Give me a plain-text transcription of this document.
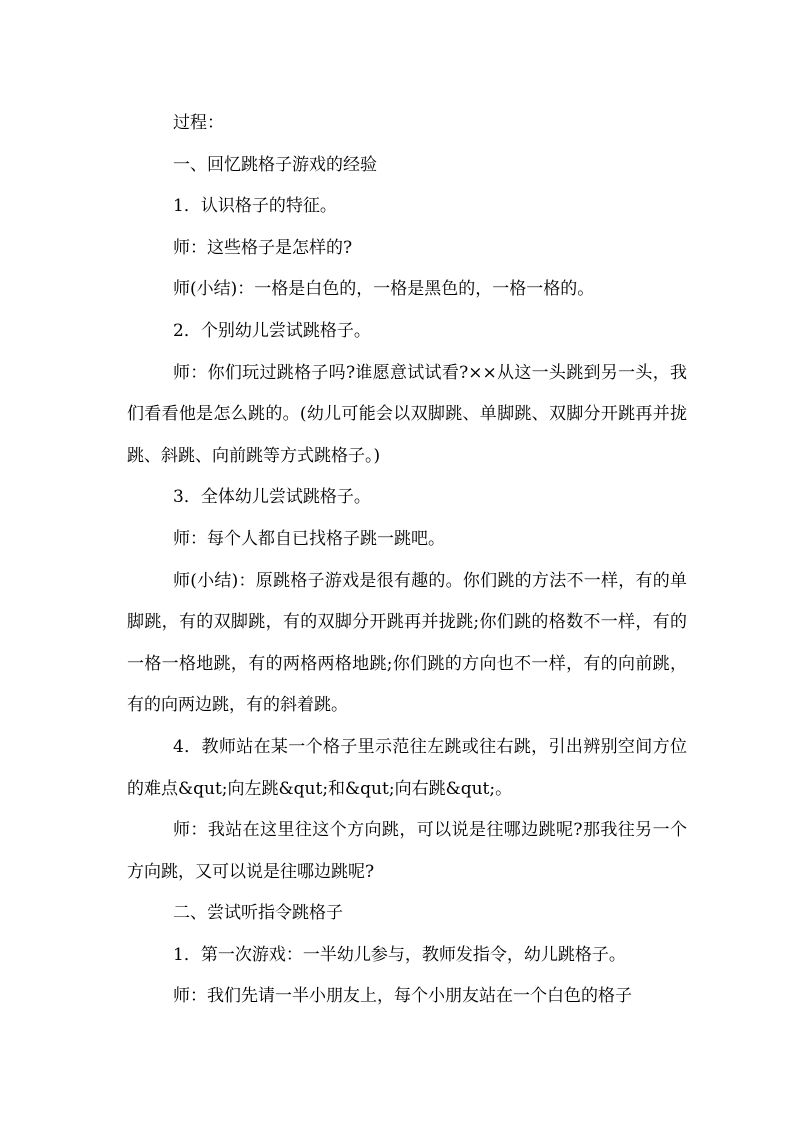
过程：

一、回忆跳格子游戏的经验

1．认识格子的特征。

师：这些格子是怎样的?

师(小结)：一格是白色的，一格是黑色的，一格一格的。

2．个别幼儿尝试跳格子。

师：你们玩过跳格子吗?谁愿意试试看?××从这一头跳到另一头，我们看看他是怎么跳的。(幼儿可能会以双脚跳、单脚跳、双脚分开跳再并拢跳、斜跳、向前跳等方式跳格子。)

3．全体幼儿尝试跳格子。

师：每个人都自已找格子跳一跳吧。

师(小结)：原跳格子游戏是很有趣的。你们跳的方法不一样，有的单脚跳，有的双脚跳，有的双脚分开跳再并拢跳;你们跳的格数不一样，有的一格一格地跳，有的两格两格地跳;你们跳的方向也不一样，有的向前跳，有的向两边跳，有的斜着跳。

4．教师站在某一个格子里示范往左跳或往右跳，引出辨别空间方位的难点&qut;向左跳&qut;和&qut;向右跳&qut;。

师：我站在这里往这个方向跳，可以说是往哪边跳呢?那我往另一个方向跳，又可以说是往哪边跳呢?

二、尝试听指令跳格子

1．第一次游戏：一半幼儿参与，教师发指令，幼儿跳格子。

师：我们先请一半小朋友上，每个小朋友站在一个白色的格子
